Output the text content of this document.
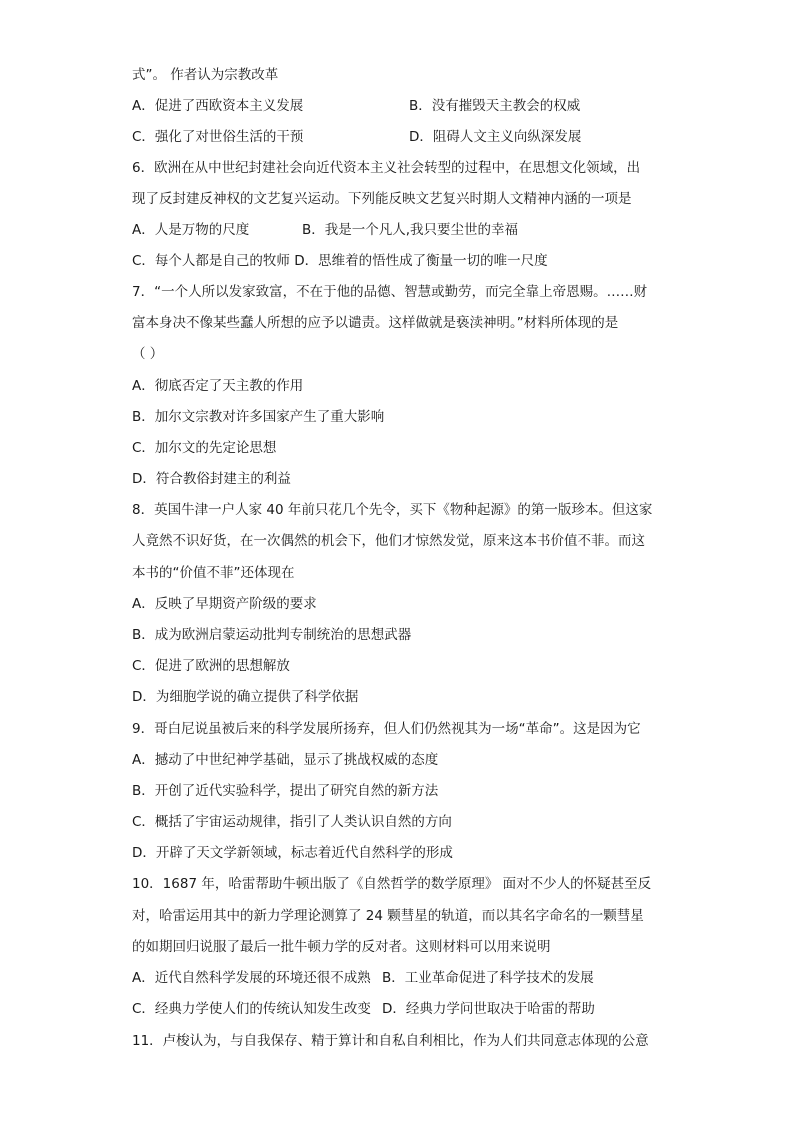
式”。 作者认为宗教改革
A．促进了西欧资本主义发展	B．没有摧毁天主教会的权威
C．强化了对世俗生活的干预	D．阻碍人文主义向纵深发展
6．欧洲在从中世纪封建社会向近代资本主义社会转型的过程中，在思想文化领域，出
现了反封建反神权的文艺复兴运动。下列能反映文艺复兴时期人文精神内涵的一项是
A．人是万物的尺度	B．我是一个凡人,我只要尘世的幸福
C．每个人都是自己的牧师 D．思维着的悟性成了衡量一切的唯一尺度
7．“一个人所以发家致富，不在于他的品德、智慧或勤劳，而完全靠上帝恩赐。……财
富本身决不像某些蠢人所想的应予以谴责。这样做就是亵渎神明。”材料所体现的是
（ ）
A．彻底否定了天主教的作用
B．加尔文宗教对许多国家产生了重大影响
C．加尔文的先定论思想
D．符合教俗封建主的利益
8．英国牛津一户人家 40 年前只花几个先令，买下《物种起源》的第一版珍本。但这家
人竟然不识好货，在一次偶然的机会下，他们才惊然发觉，原来这本书价值不菲。而这
本书的“价值不菲”还体现在
A．反映了早期资产阶级的要求
B．成为欧洲启蒙运动批判专制统治的思想武器
C．促进了欧洲的思想解放
D．为细胞学说的确立提供了科学依据
9．哥白尼说虽被后来的科学发展所扬弃，但人们仍然视其为一场“革命”。这是因为它
A．撼动了中世纪神学基础，显示了挑战权威的态度
B．开创了近代实验科学，提出了研究自然的新方法
C．概括了宇宙运动规律，指引了人类认识自然的方向
D．开辟了天文学新领域，标志着近代自然科学的形成
10．1687 年，哈雷帮助牛顿出版了《自然哲学的数学原理》 面对不少人的怀疑甚至反
对，哈雷运用其中的新力学理论测算了 24 颗彗星的轨道，而以其名字命名的一颗彗星
的如期回归说服了最后一批牛顿力学的反对者。这则材料可以用来说明
A．近代自然科学发展的环境还很不成熟 B．工业革命促进了科学技术的发展
C．经典力学使人们的传统认知发生改变 D．经典力学问世取决于哈雷的帮助
11．卢梭认为，与自我保存、精于算计和自私自利相比，作为人们共同意志体现的公意
